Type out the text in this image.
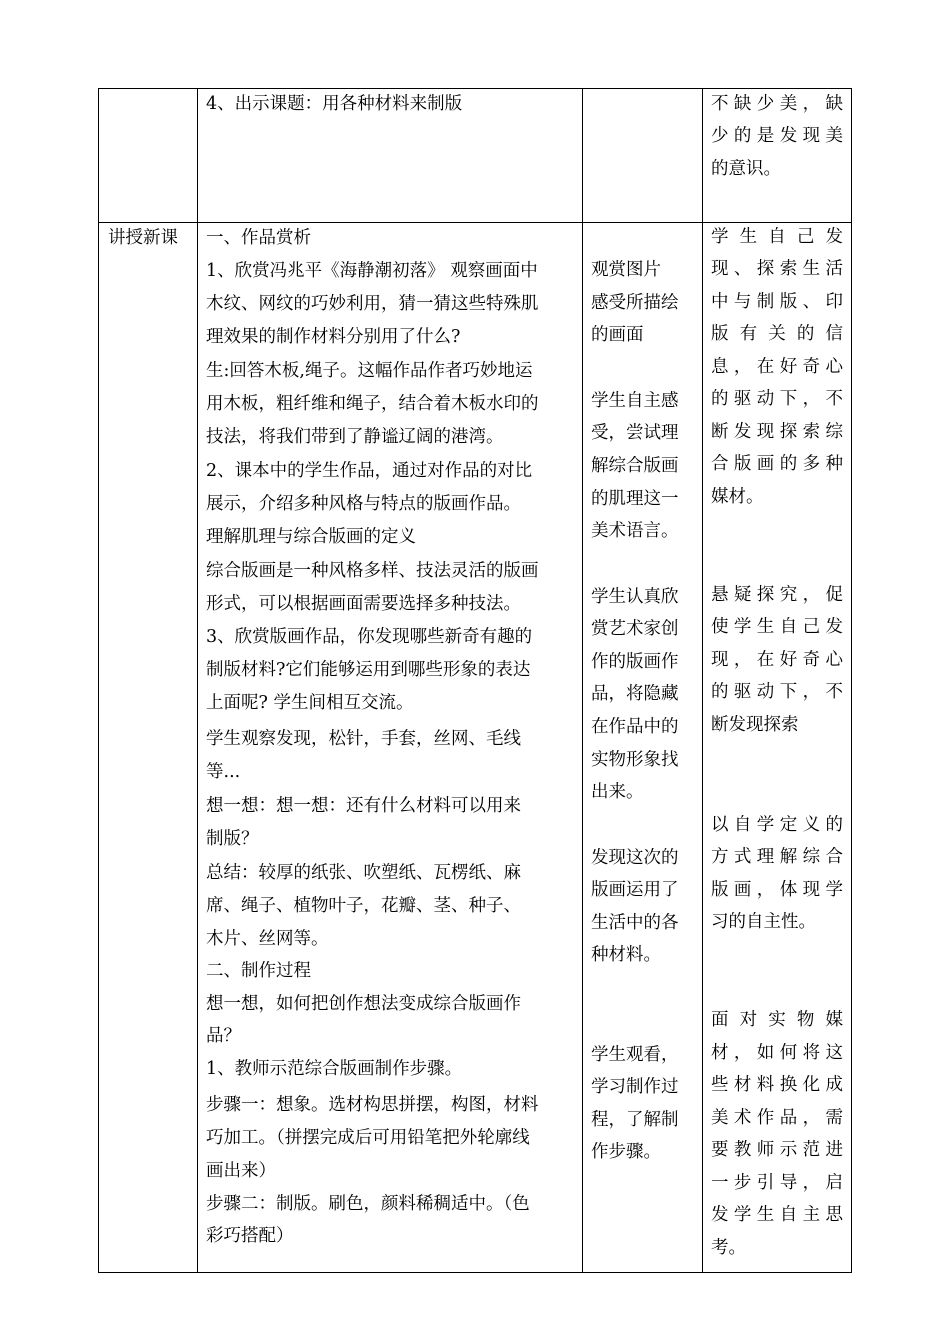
4、出示课题：用各种材料来制版	不缺少美，缺
少的是发现美
的意识。
讲授新课 一、作品赏析
1、欣赏冯兆平《海静潮初落》 观察画面中
木纹、网纹的巧妙利用，猜一猜这些特殊肌
理效果的制作材料分别用了什么?
生:回答木板,绳子。这幅作品作者巧妙地运
用木板，粗纤维和绳子，结合着木板水印的
技法，将我们带到了静谧辽阔的港湾。
2、课本中的学生作品，通过对作品的对比
展示，介绍多种风格与特点的版画作品。
理解肌理与综合版画的定义
综合版画是一种风格多样、技法灵活的版画
形式，可以根据画面需要选择多种技法。
3、欣赏版画作品，你发现哪些新奇有趣的
制版材料?它们能够运用到哪些形象的表达
上面呢? 学生间相互交流。
学生观察发现，松针，手套，丝网、毛线
等...
想一想：想一想：还有什么材料可以用来
制版？
总结：较厚的纸张、吹塑纸、瓦楞纸、麻
席、绳子、植物叶子，花瓣、茎、种子、
木片、丝网等。
二、制作过程
想一想，如何把创作想法变成综合版画作
品？
1、教师示范综合版画制作步骤。
步骤一：想象。选材构思拼摆，构图，材料
巧加工。（拼摆完成后可用铅笔把外轮廓线
画出来）
步骤二：制版。刷色，颜料稀稠适中。（色
彩巧搭配）
观赏图片
感受所描绘
的画面
学生自主感
受，尝试理
解综合版画
的肌理这一
美术语言。
学生认真欣
赏艺术家创
作的版画作
品，将隐藏
在作品中的
实物形象找
出来。
发现这次的
版画运用了
生活中的各
种材料。
学生观看，
学习制作过
程，了解制
作步骤。
学生自己发
现、探索生活
中与制版、印
版有关的信
息，在好奇心
的驱动下，不
断发现探索综
合版画的多种
媒材。
悬疑探究，促
使学生自己发
现，在好奇心
的驱动下，不
断发现探索
以自学定义的
方式理解综合
版画，体现学
习的自主性。
面对实物媒
材，如何将这
些材料换化成
美术作品，需
要教师示范进
一步引导，启
发学生自主思
考。
